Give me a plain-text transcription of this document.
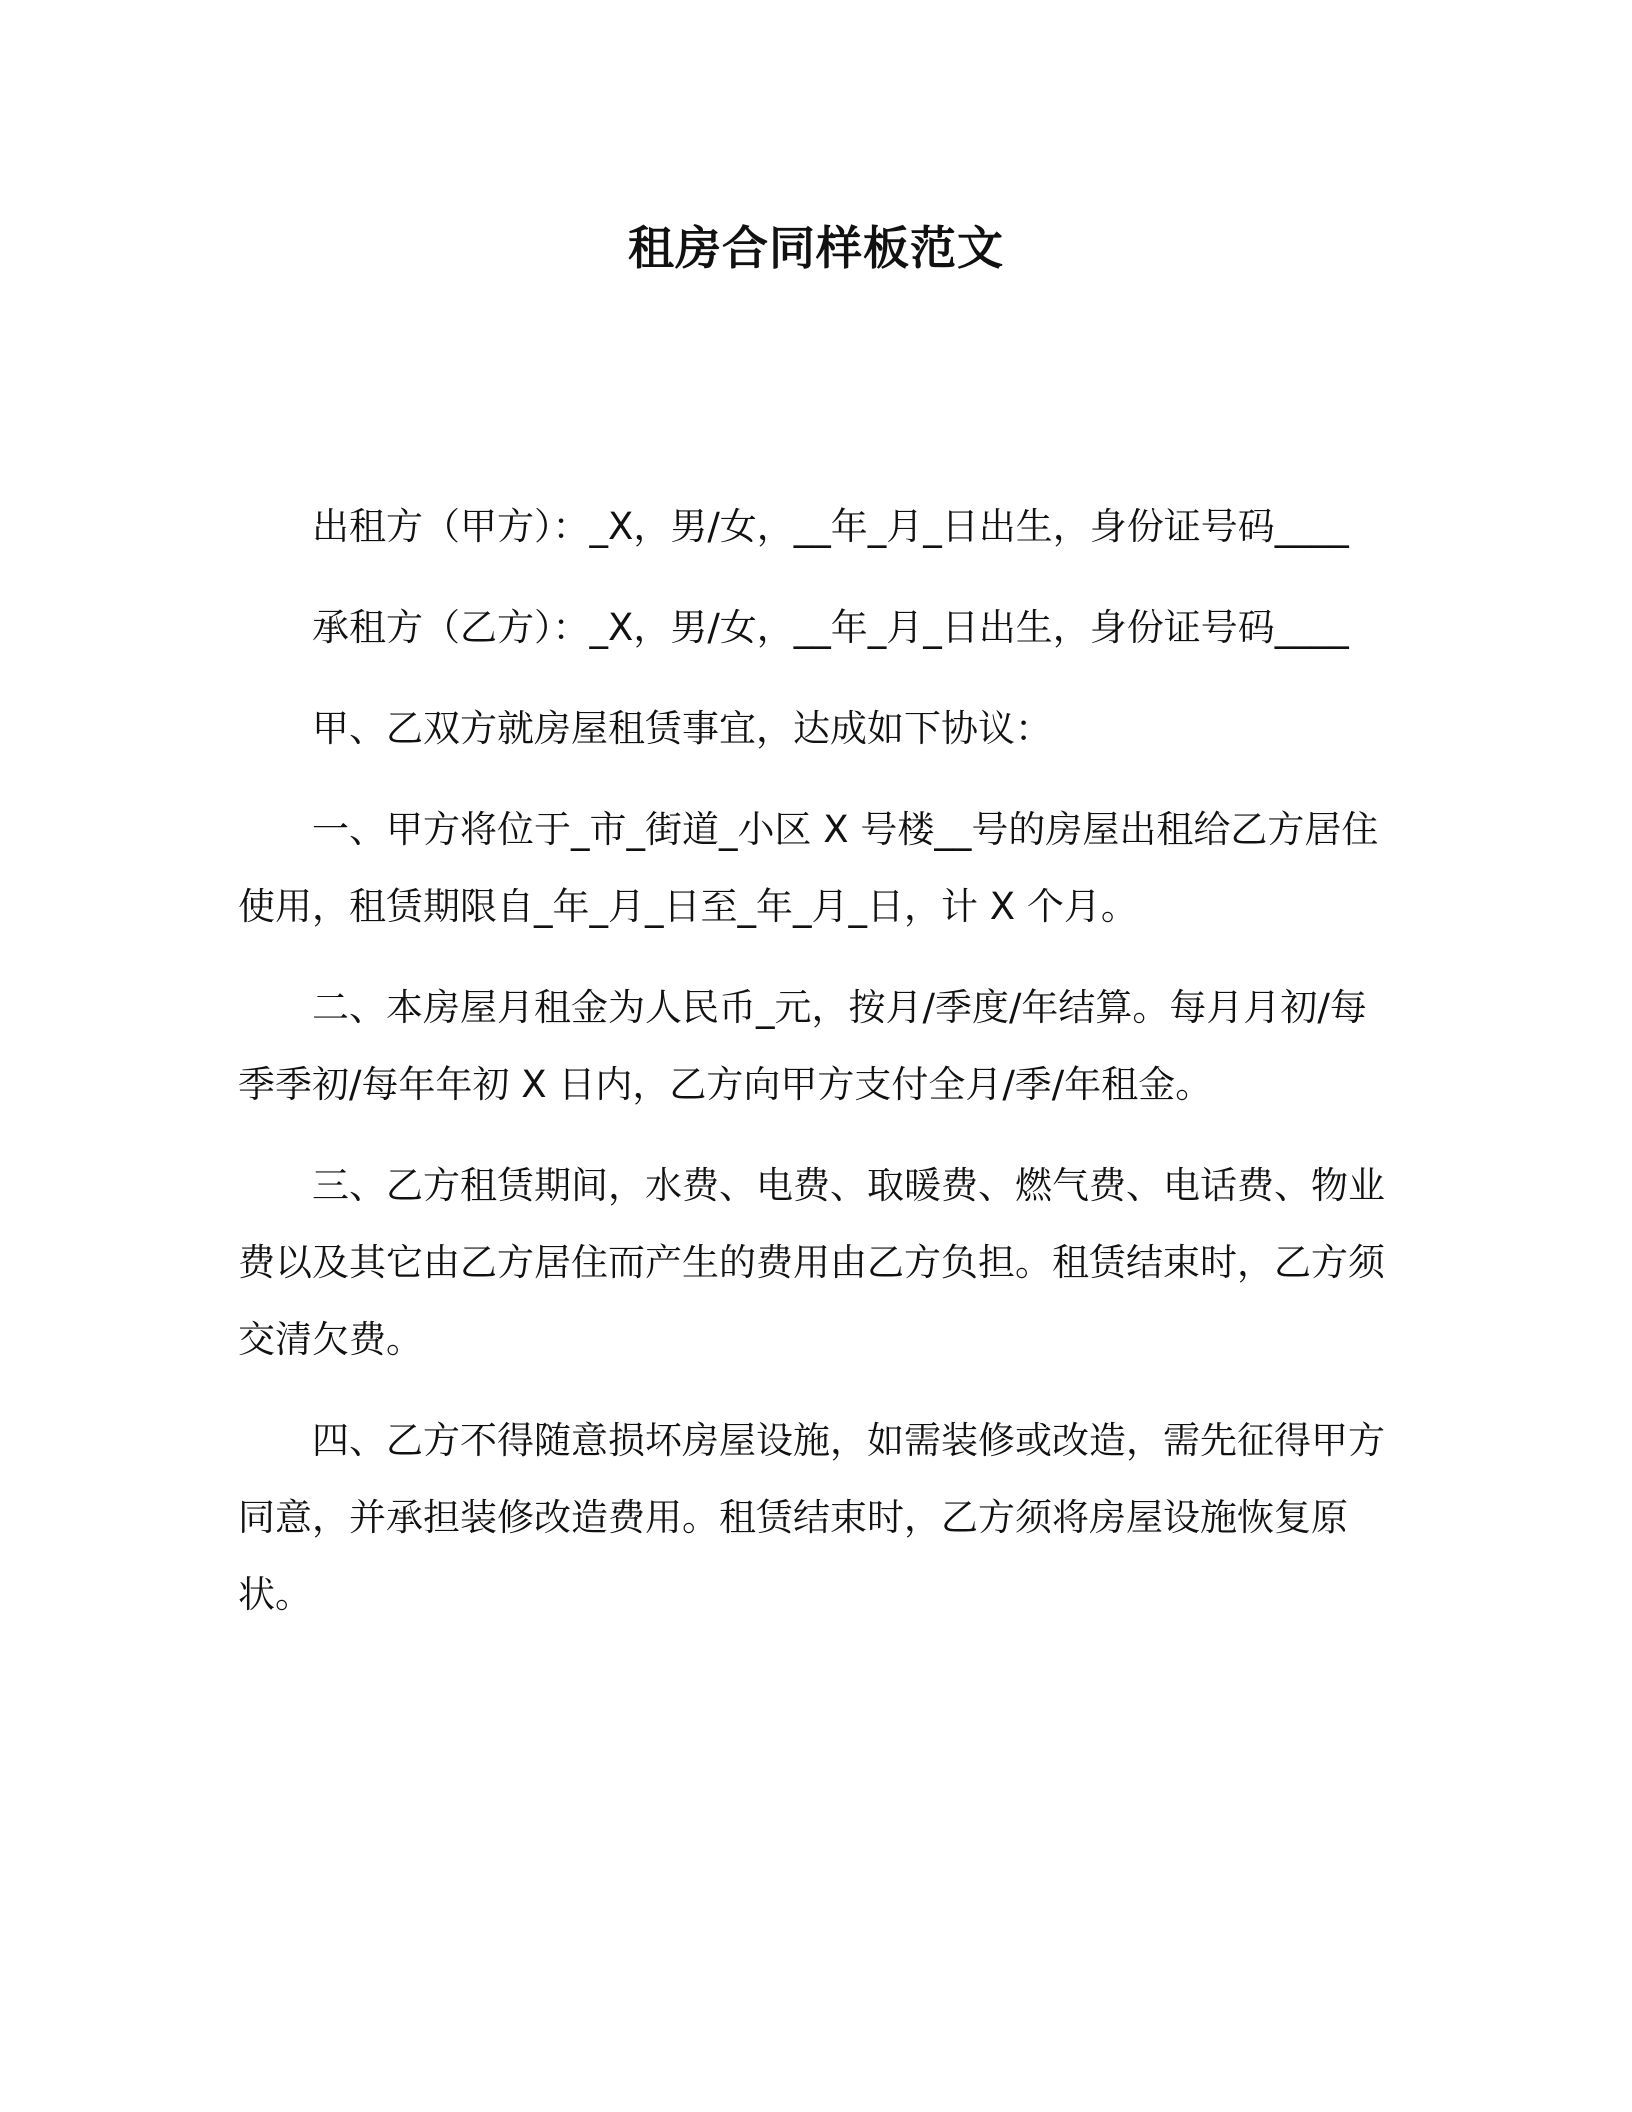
租房合同样板范文

出租方（甲方）：_X，男/女，__年_月_日出生，身份证号码____

承租方（乙方）：_X，男/女，__年_月_日出生，身份证号码____

甲、乙双方就房屋租赁事宜，达成如下协议：

一、甲方将位于_市_街道_小区 X 号楼__号的房屋出租给乙方居住使用，租赁期限自_年_月_日至_年_月_日，计 X 个月。

二、本房屋月租金为人民币_元，按月/季度/年结算。每月月初/每季季初/每年年初 X 日内，乙方向甲方支付全月/季/年租金。

三、乙方租赁期间，水费、电费、取暖费、燃气费、电话费、物业费以及其它由乙方居住而产生的费用由乙方负担。租赁结束时，乙方须交清欠费。

四、乙方不得随意损坏房屋设施，如需装修或改造，需先征得甲方同意，并承担装修改造费用。租赁结束时，乙方须将房屋设施恢复原状。
